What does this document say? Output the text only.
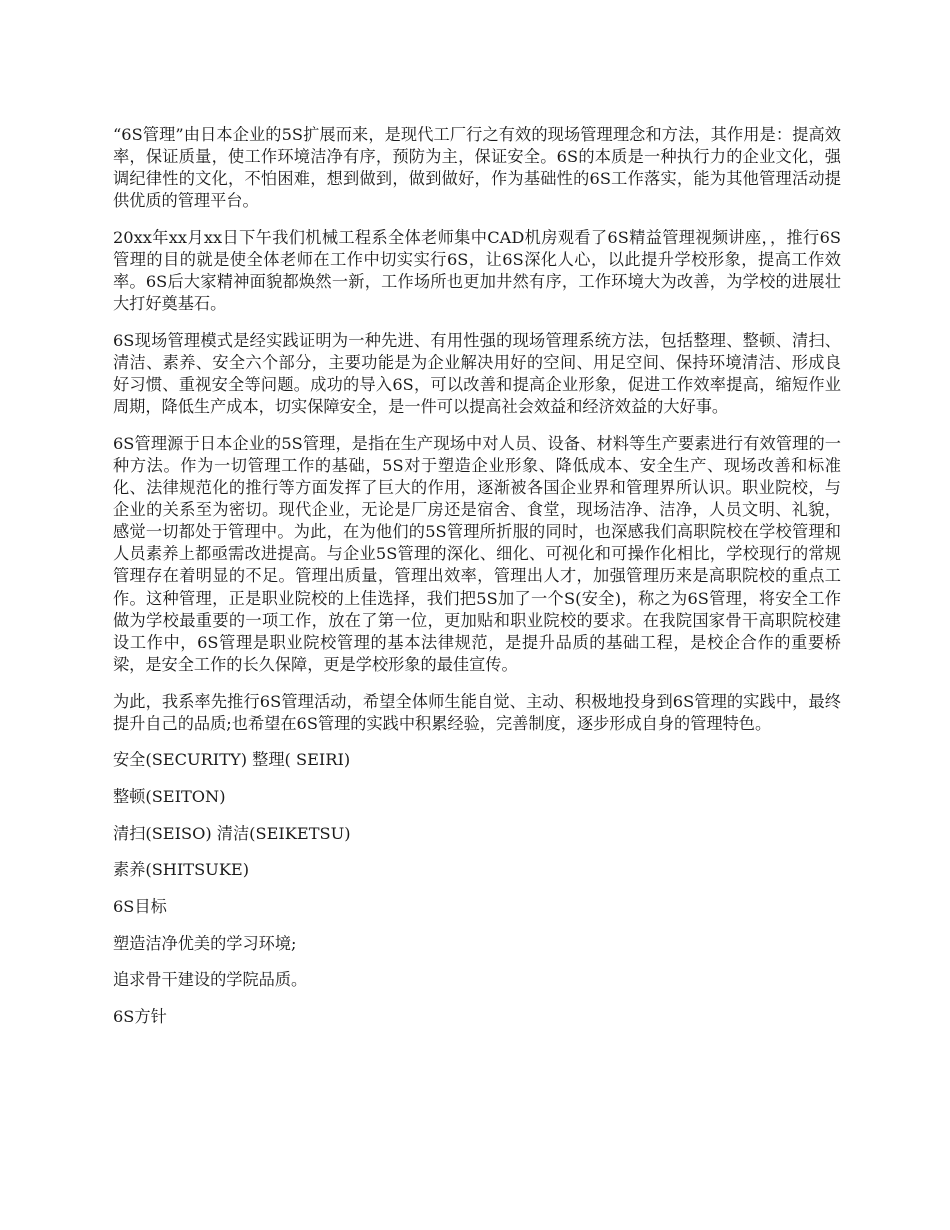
“6S管理”由日本企业的5S扩展而来，是现代工厂行之有效的现场管理理念和方法，其作用是：提高效率，保证质量，使工作环境洁净有序，预防为主，保证安全。6S的本质是一种执行力的企业文化，强调纪律性的文化，不怕困难，想到做到，做到做好，作为基础性的6S工作落实，能为其他管理活动提供优质的管理平台。

20xx年xx月xx日下午我们机械工程系全体老师集中CAD机房观看了6S精益管理视频讲座，，推行6S管理的目的就是使全体老师在工作中切实实行6S，让6S深化人心，以此提升学校形象，提高工作效率。6S后大家精神面貌都焕然一新，工作场所也更加井然有序，工作环境大为改善，为学校的进展壮大打好奠基石。

6S现场管理模式是经实践证明为一种先进、有用性强的现场管理系统方法，包括整理、整顿、清扫、清洁、素养、安全六个部分，主要功能是为企业解决用好的空间、用足空间、保持环境清洁、形成良好习惯、重视安全等问题。成功的导入6S，可以改善和提高企业形象，促进工作效率提高，缩短作业周期，降低生产成本，切实保障安全，是一件可以提高社会效益和经济效益的大好事。

6S管理源于日本企业的5S管理，是指在生产现场中对人员、设备、材料等生产要素进行有效管理的一种方法。作为一切管理工作的基础，5S对于塑造企业形象、降低成本、安全生产、现场改善和标准化、法律规范化的推行等方面发挥了巨大的作用，逐渐被各国企业界和管理界所认识。职业院校，与企业的关系至为密切。现代企业，无论是厂房还是宿舍、食堂，现场洁净、洁净，人员文明、礼貌，感觉一切都处于管理中。为此，在为他们的5S管理所折服的同时，也深感我们高职院校在学校管理和人员素养上都亟需改进提高。与企业5S管理的深化、细化、可视化和可操作化相比，学校现行的常规管理存在着明显的不足。管理出质量，管理出效率，管理出人才，加强管理历来是高职院校的重点工作。这种管理，正是职业院校的上佳选择，我们把5S加了一个S(安全)，称之为6S管理，将安全工作做为学校最重要的一项工作，放在了第一位，更加贴和职业院校的要求。在我院国家骨干高职院校建设工作中，6S管理是职业院校管理的基本法律规范，是提升品质的基础工程，是校企合作的重要桥梁，是安全工作的长久保障，更是学校形象的最佳宣传。

为此，我系率先推行6S管理活动，希望全体师生能自觉、主动、积极地投身到6S管理的实践中，最终提升自己的品质;也希望在6S管理的实践中积累经验，完善制度，逐步形成自身的管理特色。

安全(SECURITY) 整理( SEIRI)

整顿(SEITON)

清扫(SEISO) 清洁(SEIKETSU)

素养(SHITSUKE)

6S目标

塑造洁净优美的学习环境;

追求骨干建设的学院品质。

6S方针
